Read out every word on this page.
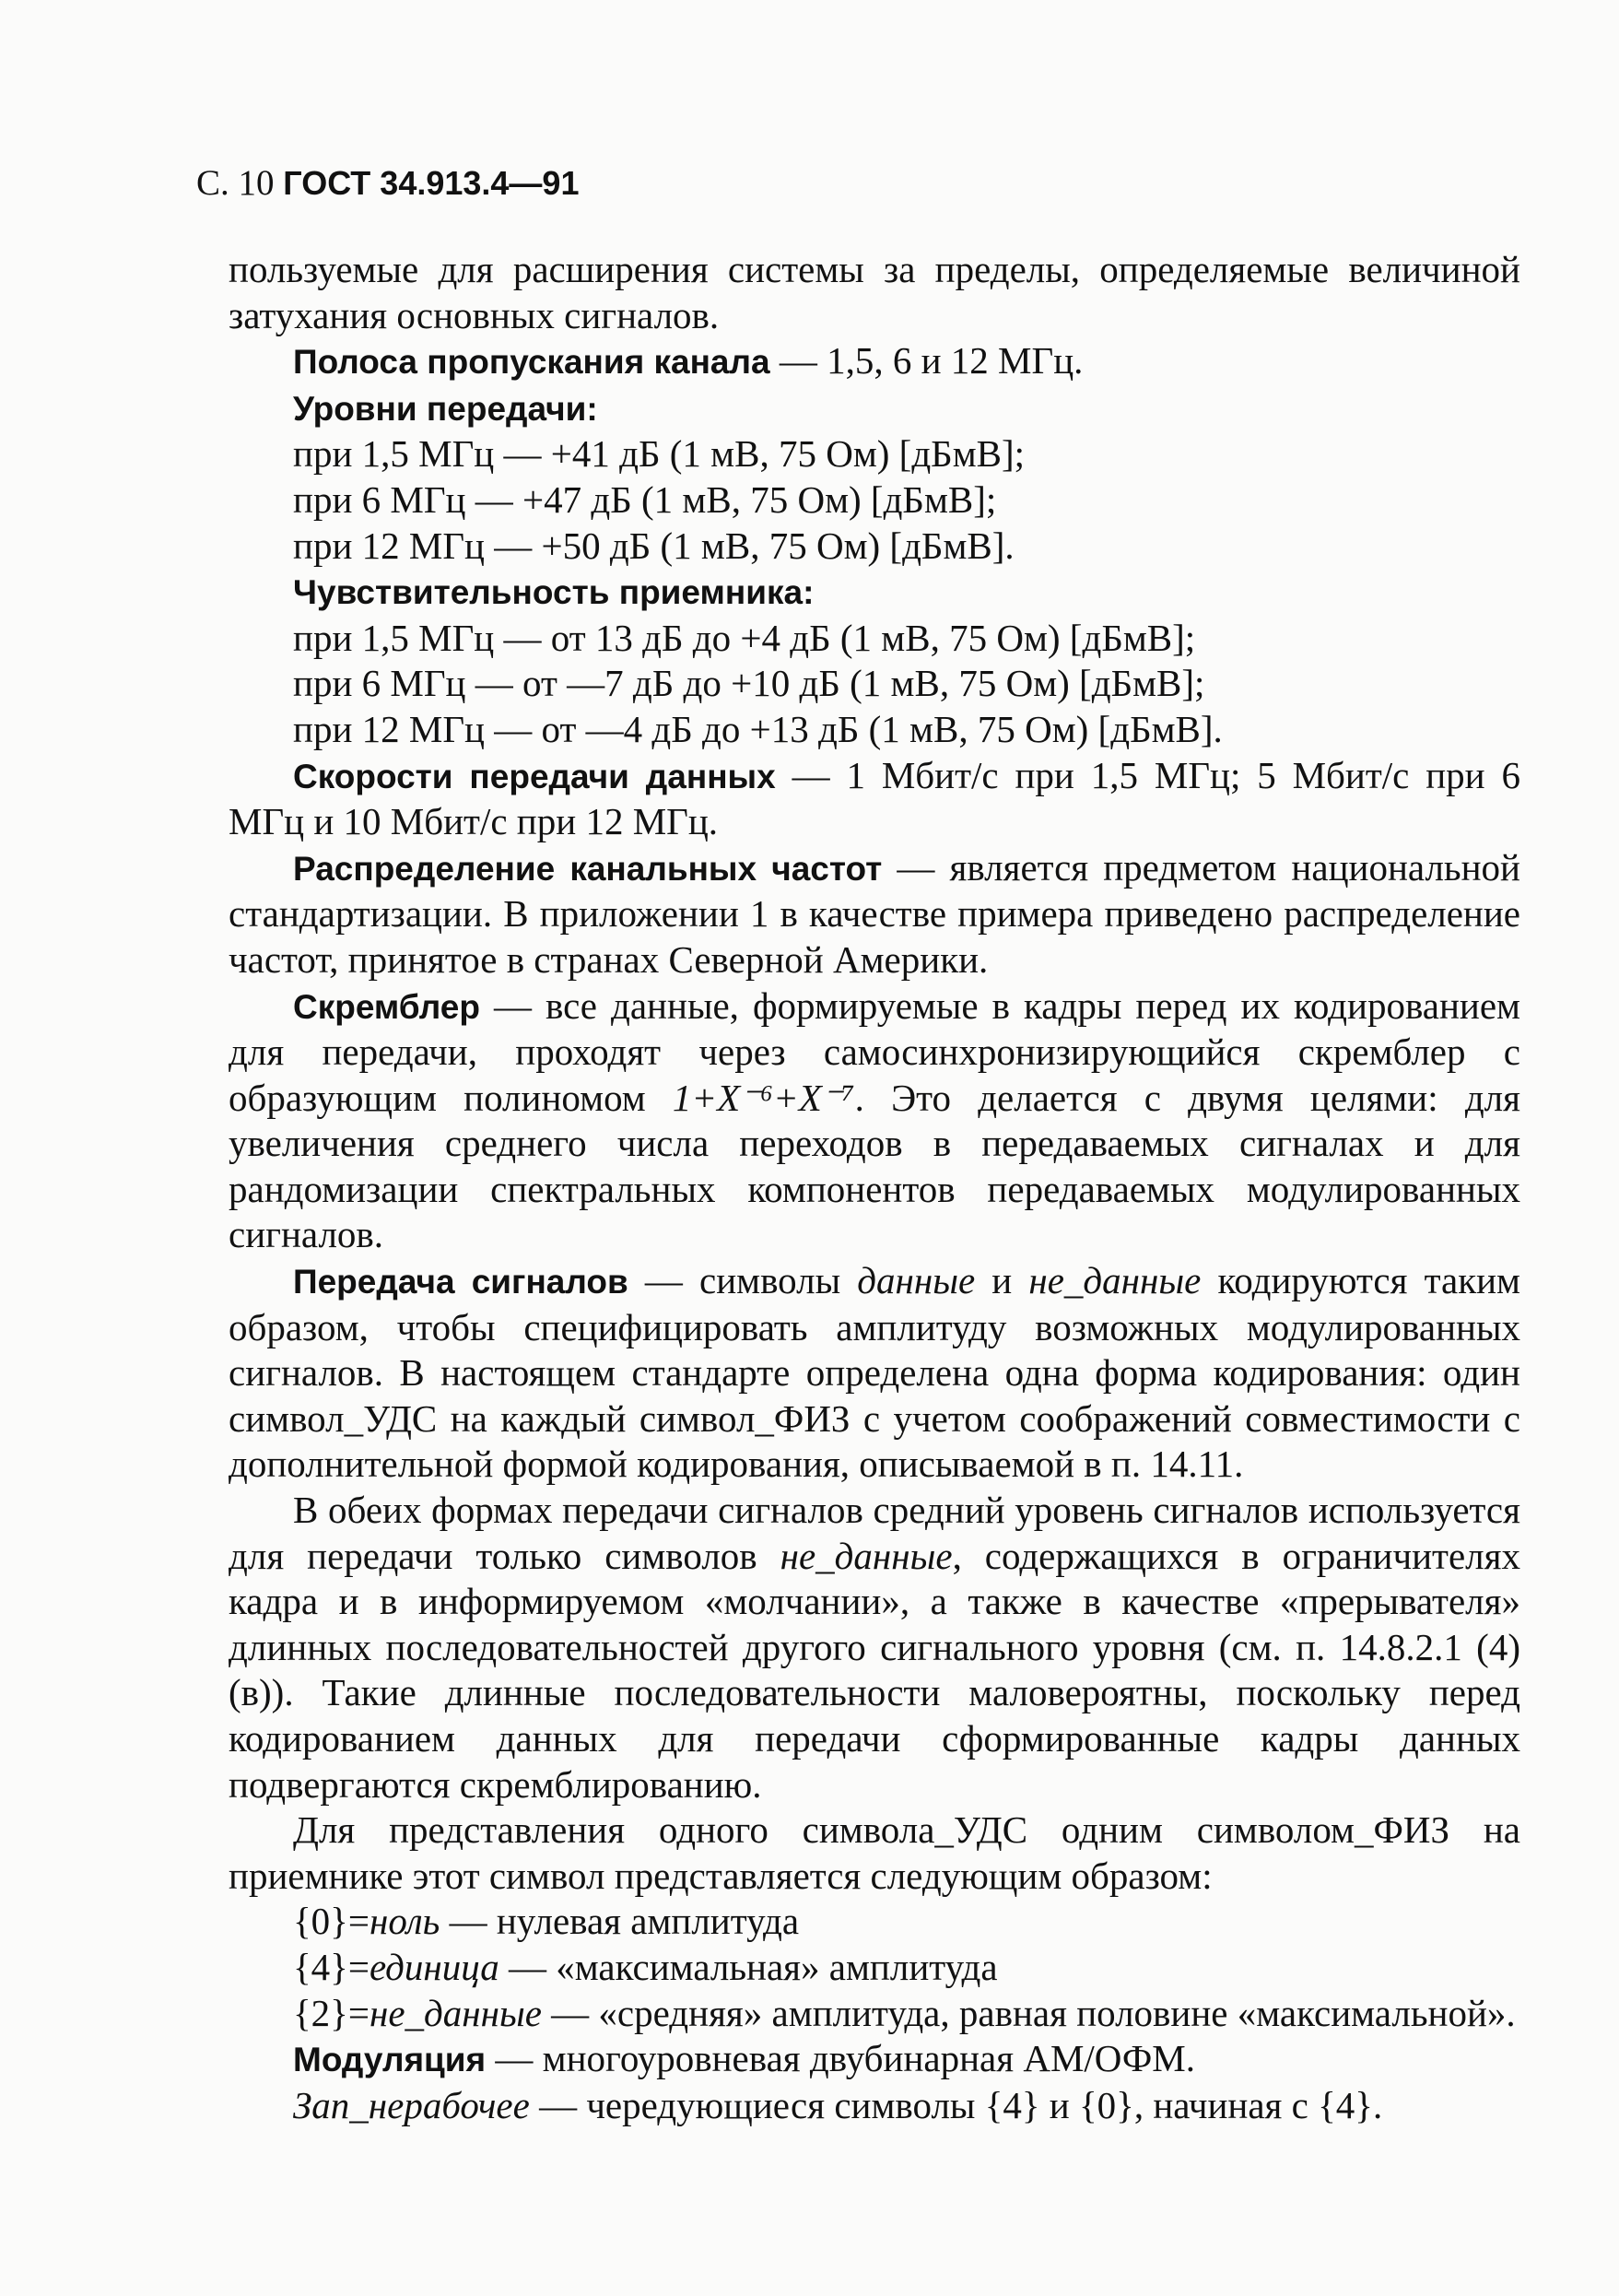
С. 10 ГОСТ 34.913.4—91

пользуемые для расширения системы за пределы, определяемые величиной затухания основных сигналов.

Полоса пропускания канала — 1,5, 6 и 12 МГц.

Уровни передачи:

при 1,5 МГц — +41 дБ (1 мВ, 75 Ом) [дБмВ];

при 6 МГц — +47 дБ (1 мВ, 75 Ом) [дБмВ];

при 12 МГц — +50 дБ (1 мВ, 75 Ом) [дБмВ].

Чувствительность приемника:

при 1,5 МГц — от 13 дБ до +4 дБ (1 мВ, 75 Ом) [дБмВ];

при 6 МГц — от —7 дБ до +10 дБ (1 мВ, 75 Ом) [дБмВ];

при 12 МГц — от —4 дБ до +13 дБ (1 мВ, 75 Ом) [дБмВ].

Скорости передачи данных — 1 Мбит/с при 1,5 МГц; 5 Мбит/с при 6 МГц и 10 Мбит/с при 12 МГц.

Распределение канальных частот — является предметом национальной стандартизации. В приложении 1 в качестве примера приведено распределение частот, принятое в странах Северной Америки.

Скремблер — все данные, формируемые в кадры перед их кодированием для передачи, проходят через самосинхронизирующийся скремблер с образующим полиномом 1+X⁻⁶+X⁻⁷. Это делается с двумя целями: для увеличения среднего числа переходов в передаваемых сигналах и для рандомизации спектральных компонентов передаваемых модулированных сигналов.

Передача сигналов — символы данные и не_данные кодируются таким образом, чтобы специфицировать амплитуду возможных модулированных сигналов. В настоящем стандарте определена одна форма кодирования: один символ_УДС на каждый символ_ФИЗ с учетом соображений совместимости с дополнительной формой кодирования, описываемой в п. 14.11.

В обеих формах передачи сигналов средний уровень сигналов используется для передачи только символов не_данные, содержащихся в ограничителях кадра и в информируемом «молчании», а также в качестве «прерывателя» длинных последовательностей другого сигнального уровня (см. п. 14.8.2.1 (4) (в)). Такие длинные последовательности маловероятны, поскольку перед кодированием данных для передачи сформированные кадры данных подвергаются скремблированию.

Для представления одного символа_УДС одним символом_ФИЗ на приемнике этот символ представляется следующим образом:

{0}=ноль — нулевая амплитуда

{4}=единица — «максимальная» амплитуда

{2}=не_данные — «средняя» амплитуда, равная половине «максимальной».

Модуляция — многоуровневая двубинарная АМ/ОФМ.

Зап_нерабочее — чередующиеся символы {4} и {0}, начиная с {4}.
